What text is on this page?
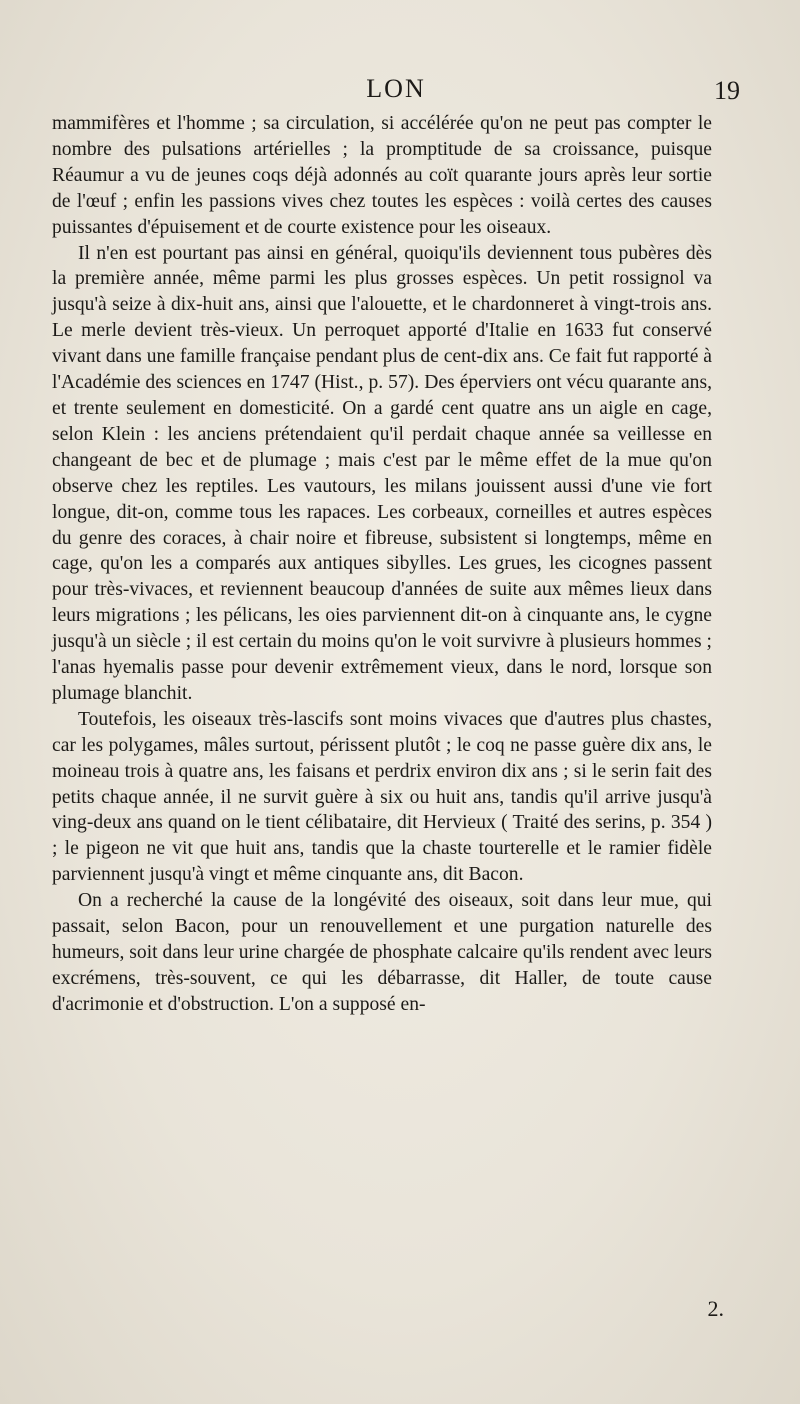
LON	19

mammifères et l'homme ; sa circulation, si accélérée qu'on ne peut pas compter le nombre des pulsations artérielles ; la promptitude de sa croissance, puisque Réaumur a vu de jeunes coqs déjà adonnés au coït quarante jours après leur sortie de l'œuf ; enfin les passions vives chez toutes les espèces : voilà certes des causes puissantes d'épuisement et de courte existence pour les oiseaux.

Il n'en est pourtant pas ainsi en général, quoiqu'ils deviennent tous pubères dès la première année, même parmi les plus grosses espèces. Un petit rossignol va jusqu'à seize à dix-huit ans, ainsi que l'alouette, et le chardonneret à vingt-trois ans. Le merle devient très-vieux. Un perroquet apporté d'Italie en 1633 fut conservé vivant dans une famille française pendant plus de cent-dix ans. Ce fait fut rapporté à l'Académie des sciences en 1747 (Hist., p. 57). Des éperviers ont vécu quarante ans, et trente seulement en domesticité. On a gardé cent quatre ans un aigle en cage, selon Klein : les anciens prétendaient qu'il perdait chaque année sa veillesse en changeant de bec et de plumage ; mais c'est par le même effet de la mue qu'on observe chez les reptiles. Les vautours, les milans jouissent aussi d'une vie fort longue, dit-on, comme tous les rapaces. Les corbeaux, corneilles et autres espèces du genre des coraces, à chair noire et fibreuse, subsistent si longtemps, même en cage, qu'on les a comparés aux antiques sibylles. Les grues, les cicognes passent pour très-vivaces, et reviennent beaucoup d'années de suite aux mêmes lieux dans leurs migrations ; les pélicans, les oies parviennent dit-on à cinquante ans, le cygne jusqu'à un siècle ; il est certain du moins qu'on le voit survivre à plusieurs hommes ; l'anas hyemalis passe pour devenir extrêmement vieux, dans le nord, lorsque son plumage blanchit.

Toutefois, les oiseaux très-lascifs sont moins vivaces que d'autres plus chastes, car les polygames, mâles surtout, périssent plutôt ; le coq ne passe guère dix ans, le moineau trois à quatre ans, les faisans et perdrix environ dix ans ; si le serin fait des petits chaque année, il ne survit guère à six ou huit ans, tandis qu'il arrive jusqu'à ving-deux ans quand on le tient célibataire, dit Hervieux ( Traité des serins, p. 354 ) ; le pigeon ne vit que huit ans, tandis que la chaste tourterelle et le ramier fidèle parviennent jusqu'à vingt et même cinquante ans, dit Bacon.

On a recherché la cause de la longévité des oiseaux, soit dans leur mue, qui passait, selon Bacon, pour un renouvellement et une purgation naturelle des humeurs, soit dans leur urine chargée de phosphate calcaire qu'ils rendent avec leurs excrémens, très-souvent, ce qui les débarrasse, dit Haller, de toute cause d'acrimonie et d'obstruction. L'on a supposé en-

2.
